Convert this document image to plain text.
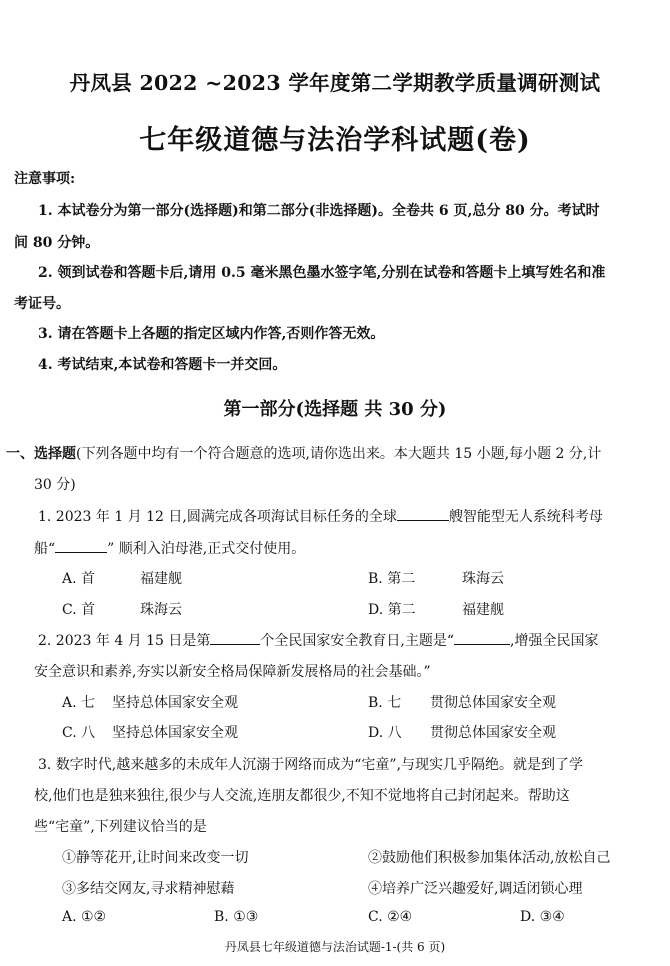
丹凤县 2022 ~2023 学年度第二学期教学质量调研测试
七年级道德与法治学科试题(卷)
注意事项:
1. 本试卷分为第一部分(选择题)和第二部分(非选择题)。全卷共 6 页,总分 80 分。考试时
间 80 分钟。
2. 领到试卷和答题卡后,请用 0.5 毫米黑色墨水签字笔,分别在试卷和答题卡上填写姓名和准
考证号。
3. 请在答题卡上各题的指定区域内作答,否则作答无效。
4. 考试结束,本试卷和答题卡一并交回。
第一部分(选择题 共 30 分)
一、选择题(下列各题中均有一个符合题意的选项,请你选出来。本大题共 15 小题,每小题 2 分,计
30 分)
1. 2023 年 1 月 12 日,圆满完成各项海试目标任务的全球	艘智能型无人系统科考母
船“	” 顺利入泊母港,正式交付使用。
A. 首	福建舰	B. 第二	珠海云
C. 首	珠海云	D. 第二	福建舰
2. 2023 年 4 月 15 日是第	个全民国家安全教育日,主题是“	,增强全民国家
安全意识和素养,夯实以新安全格局保障新发展格局的社会基础。”
A. 七 坚持总体国家安全观	B. 七 贯彻总体国家安全观
C. 八 坚持总体国家安全观	D. 八 贯彻总体国家安全观
3. 数字时代,越来越多的未成年人沉溺于网络而成为“宅童”,与现实几乎隔绝。就是到了学
校,他们也是独来独往,很少与人交流,连朋友都很少,不知不觉地将自己封闭起来。帮助这
些“宅童”,下列建议恰当的是
①静等花开,让时间来改变一切	②鼓励他们积极参加集体活动,放松自己
③多结交网友,寻求精神慰藉	④培养广泛兴趣爱好,调适闭锁心理
A. ①②	B. ①③	C. ②④	D. ③④
丹凤县七年级道德与法治试题-1-(共 6 页)
